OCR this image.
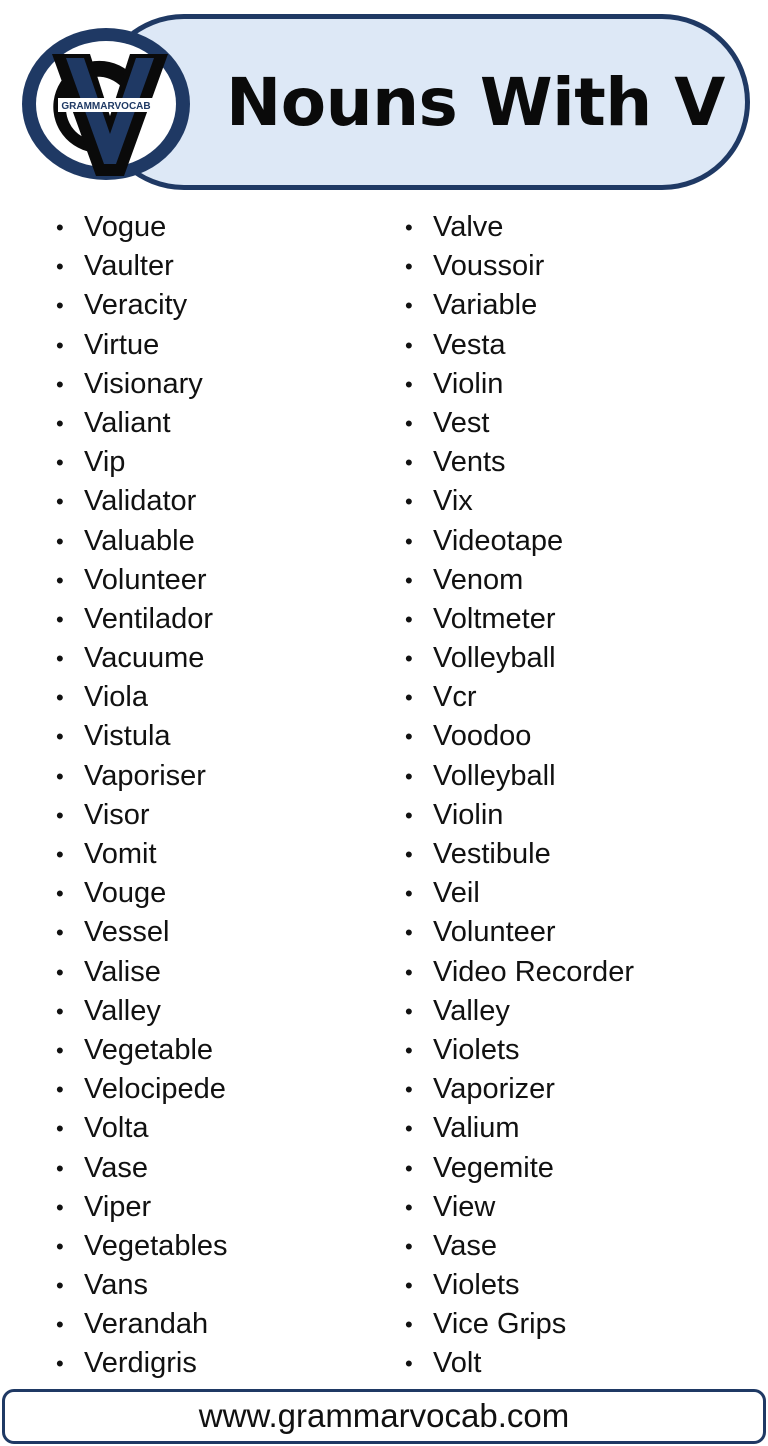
GRAMMARVOCAB Nouns With V
• Vogue
• Vaulter
• Veracity
• Virtue
• Visionary
• Valiant
• Vip
• Validator
• Valuable
• Volunteer
• Ventilador
• Vacuume
• Viola
• Vistula
• Vaporiser
• Visor
• Vomit
• Vouge
• Vessel
• Valise
• Valley
• Vegetable
• Velocipede
• Volta
• Vase
• Viper
• Vegetables
• Vans
• Verandah
• Verdigris
• Valve
• Voussoir
• Variable
• Vesta
• Violin
• Vest
• Vents
• Vix
• Videotape
• Venom
• Voltmeter
• Volleyball
• Vcr
• Voodoo
• Volleyball
• Violin
• Vestibule
• Veil
• Volunteer
• Video Recorder
• Valley
• Violets
• Vaporizer
• Valium
• Vegemite
• View
• Vase
• Violets
• Vice Grips
• Volt
www.grammarvocab.com
